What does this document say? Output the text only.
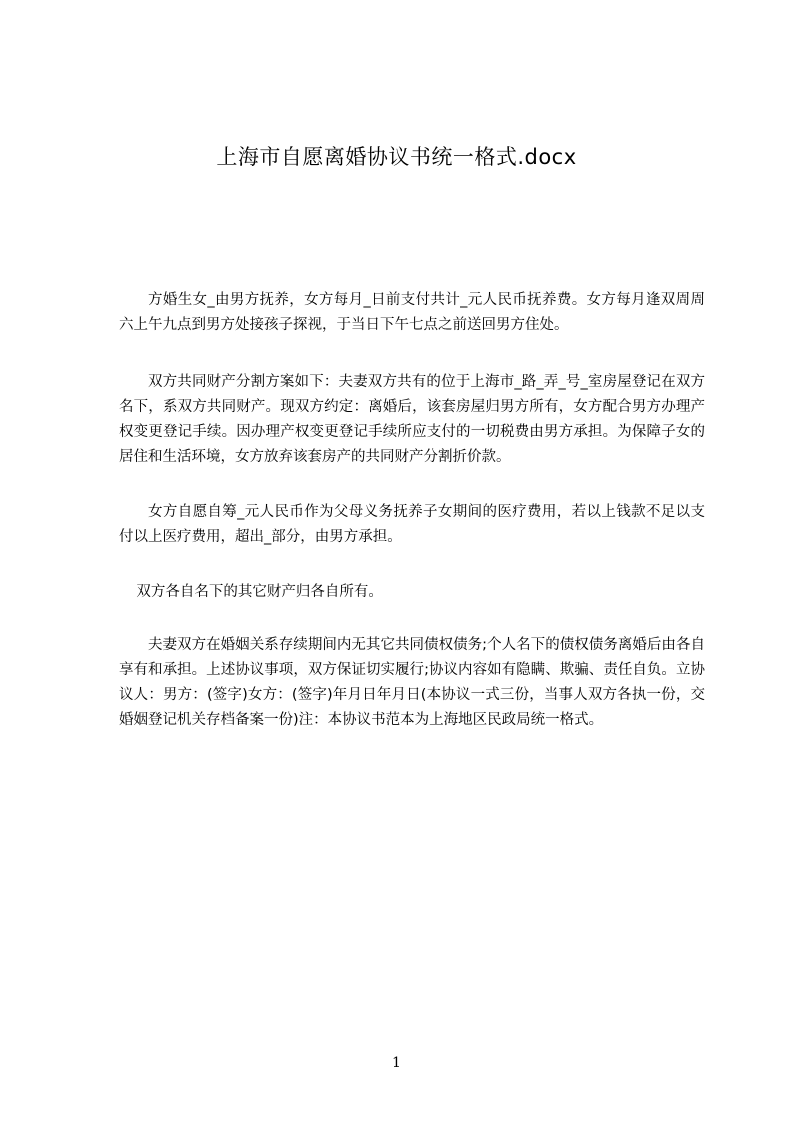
上海市自愿离婚协议书统一格式.docx

方婚生女_由男方抚养，女方每月_日前支付共计_元人民币抚养费。女方每月逢双周周六上午九点到男方处接孩子探视，于当日下午七点之前送回男方住处。

双方共同财产分割方案如下：夫妻双方共有的位于上海市_路_弄_号_室房屋登记在双方名下，系双方共同财产。现双方约定：离婚后，该套房屋归男方所有，女方配合男方办理产权变更登记手续。因办理产权变更登记手续所应支付的一切税费由男方承担。为保障子女的居住和生活环境，女方放弃该套房产的共同财产分割折价款。

女方自愿自筹_元人民币作为父母义务抚养子女期间的医疗费用，若以上钱款不足以支付以上医疗费用，超出_部分，由男方承担。

双方各自名下的其它财产归各自所有。

夫妻双方在婚姻关系存续期间内无其它共同债权债务;个人名下的债权债务离婚后由各自享有和承担。上述协议事项，双方保证切实履行;协议内容如有隐瞒、欺骗、责任自负。立协议人：男方：(签字)女方：(签字)年月日年月日(本协议一式三份，当事人双方各执一份，交婚姻登记机关存档备案一份)注：本协议书范本为上海地区民政局统一格式。

1
